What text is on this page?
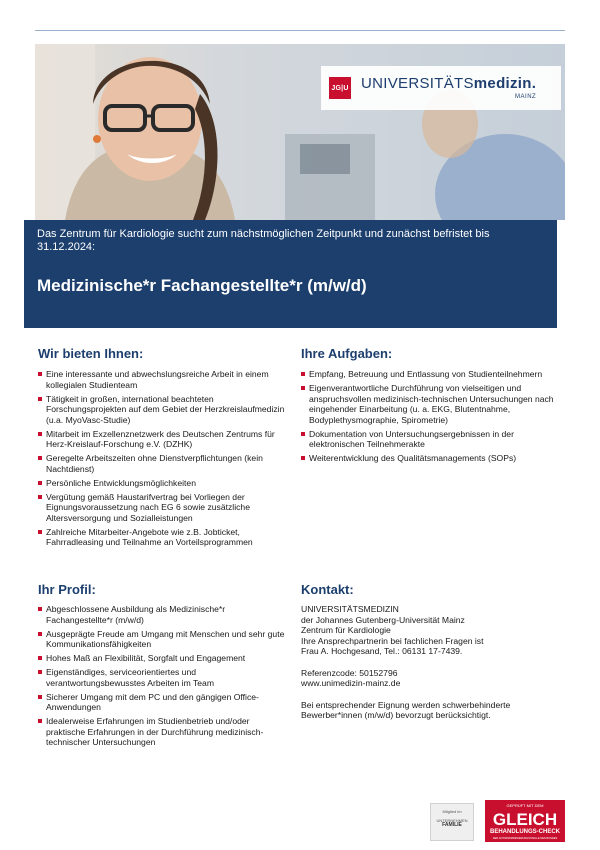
JG|U UNIVERSITÄTSmedizin.
MAINZ
Das Zentrum für Kardiologie sucht zum nächstmöglichen Zeitpunkt und zunächst befristet bis 31.12.2024:
Medizinische*r Fachangestellte*r (m/w/d)
Wir bieten Ihnen:
Eine interessante und abwechslungsreiche Arbeit in einem kollegialen Studienteam
Tätigkeit in großen, international beachteten Forschungsprojekten auf dem Gebiet der Herzkreislaufmedizin (u.a. MyoVasc-Studie)
Mitarbeit im Exzellenznetzwerk des Deutschen Zentrums für Herz-Kreislauf-Forschung e.V. (DZHK)
Geregelte Arbeitszeiten ohne Dienstverpflichtungen (kein Nachtdienst)
Persönliche Entwicklungsmöglichkeiten
Vergütung gemäß Haustarifvertrag bei Vorliegen der Eignungsvoraussetzung nach EG 6 sowie zusätzliche Altersversorgung und Sozialleistungen
Zahlreiche Mitarbeiter-Angebote wie z.B. Jobticket, Fahrradleasing und Teilnahme an Vorteilsprogrammen
Ihre Aufgaben:
Empfang, Betreuung und Entlassung von Studienteilnehmern
Eigenverantwortliche Durchführung von vielseitigen und anspruchsvollen medizinisch-technischen Untersuchungen nach eingehender Einarbeitung (u. a. EKG, Blutentnahme, Bodyplethysmographie, Spirometrie)
Dokumentation von Untersuchungsergebnissen in der elektronischen Teilnehmerakte
Weiterentwicklung des Qualitätsmanagements (SOPs)
Ihr Profil:
Abgeschlossene Ausbildung als Medizinische*r Fachangestellte*r (m/w/d)
Ausgeprägte Freude am Umgang mit Menschen und sehr gute Kommunikationsfähigkeiten
Hohes Maß an Flexibilität, Sorgfalt und Engagement
Eigenständiges, serviceorientiertes und verantwortungsbewusstes Arbeiten im Team
Sicherer Umgang mit dem PC und den gängigen Office-Anwendungen
Idealerweise Erfahrungen im Studienbetrieb und/oder praktische Erfahrungen in der Durchführung medizinisch-technischer Untersuchungen
Kontakt:

UNIVERSITÄTSMEDIZIN

der Johannes Gutenberg-Universität Mainz

Zentrum für Kardiologie

Ihre Ansprechpartnerin bei fachlichen Fragen ist

Frau A. Hochgesand, Tel.: 06131 17-7439.

Referenzcode: 50152796

www.unimedizin-mainz.de

Bei entsprechender Eignung werden schwerbehinderte Bewerber*innen (m/w/d) bevorzugt berücksichtigt.

Mitglied im
UNTERNEHMEN
FAMILIE
GEPRÜFT MIT DEM
GLEICH
BEHANDLUNGS-CHECK
DER ANTIDISKRIMINIERUNGSSTELLE DES BUNDES
